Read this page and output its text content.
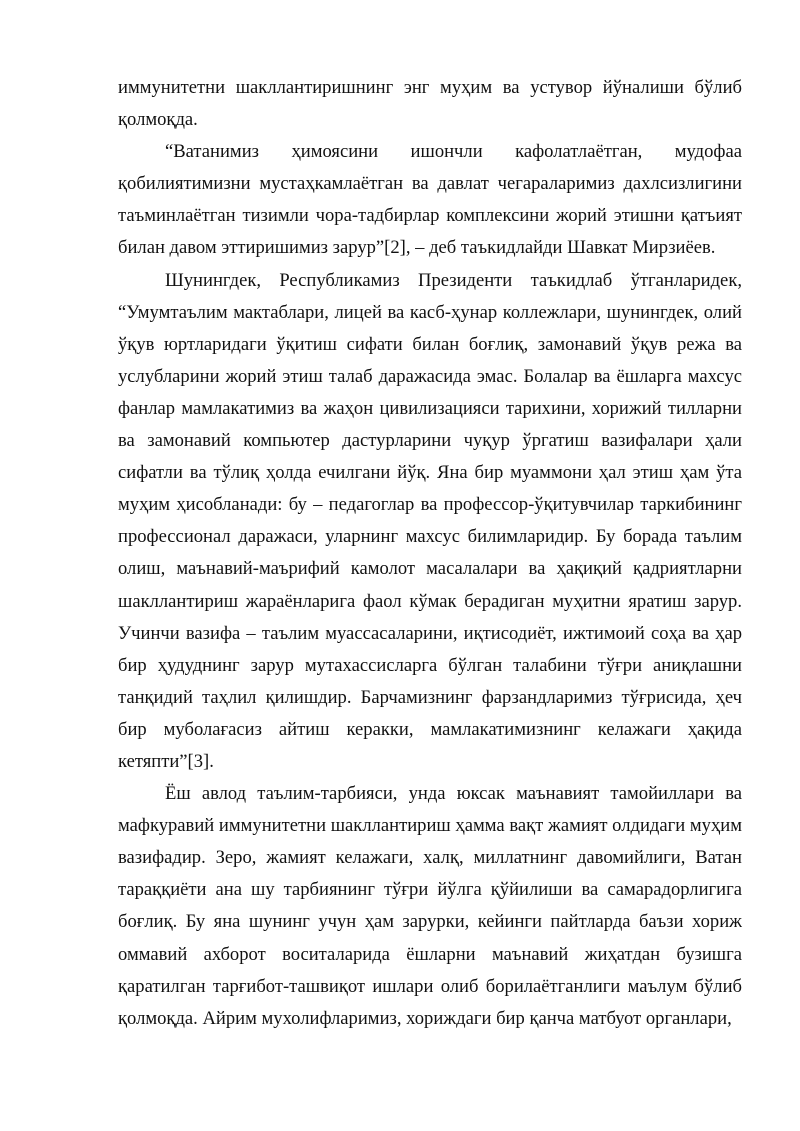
иммунитетни шакллантиришнинг энг муҳим ва устувор йўналиши бўлиб қолмоқда.

“Ватанимиз ҳимоясини ишончли кафолатлаётган, мудофаа қобилиятимизни мустаҳкамлаётган ва давлат чегараларимиз дахлсизлигини таъминлаётган тизимли чора-тадбирлар комплексини жорий этишни қатъият билан давом эттиришимиз зарур”[2], – деб таъкидлайди Шавкат Мирзиёев.

Шунингдек, Республикамиз Президенти таъкидлаб ўтганларидек, “Умумтаълим мактаблари, лицей ва касб-ҳунар коллежлари, шунингдек, олий ўқув юртларидаги ўқитиш сифати билан боғлиқ, замонавий ўқув режа ва услубларини жорий этиш талаб даражасида эмас. Болалар ва ёшларга махсус фанлар мамлакатимиз ва жаҳон цивилизацияси тарихини, хорижий тилларни ва замонавий компьютер дастурларини чуқур ўргатиш вазифалари ҳали сифатли ва тўлиқ ҳолда ечилгани йўқ. Яна бир муаммони ҳал этиш ҳам ўта муҳим ҳисобланади: бу – педагоглар ва профессор-ўқитувчилар таркибининг профессионал даражаси, уларнинг махсус билимларидир. Бу борада таълим олиш, маънавий-маърифий камолот масалалари ва ҳақиқий қадриятларни шакллантириш жараёнларига фаол кўмак берадиган муҳитни яратиш зарур. Учинчи вазифа – таълим муассасаларини, иқтисодиёт, ижтимоий соҳа ва ҳар бир ҳудуднинг зарур мутахассисларга бўлган талабини тўғри аниқлашни танқидий таҳлил қилишдир. Барчамизнинг фарзандларимиз тўғрисида, ҳеч бир муболағасиз айтиш керакки, мамлакатимизнинг келажаги ҳақида кетяпти”[3].

Ёш авлод таълим-тарбияси, унда юксак маънавият тамойиллари ва мафкуравий иммунитетни шакллантириш ҳамма вақт жамият олдидаги муҳим вазифадир. Зеро, жамият келажаги, халқ, миллатнинг давомийлиги, Ватан тараққиёти ана шу тарбиянинг тўғри йўлга қўйилиши ва самарадорлигига боғлиқ. Бу яна шунинг учун ҳам зарурки, кейинги пайтларда баъзи хориж оммавий ахборот воситаларида ёшларни маънавий жиҳатдан бузишга қаратилган тарғибот-ташвиқот ишлари олиб борилаётганлиги маълум бўлиб қолмоқда. Айрим мухолифларимиз, хориждаги бир қанча матбуот органлари,
